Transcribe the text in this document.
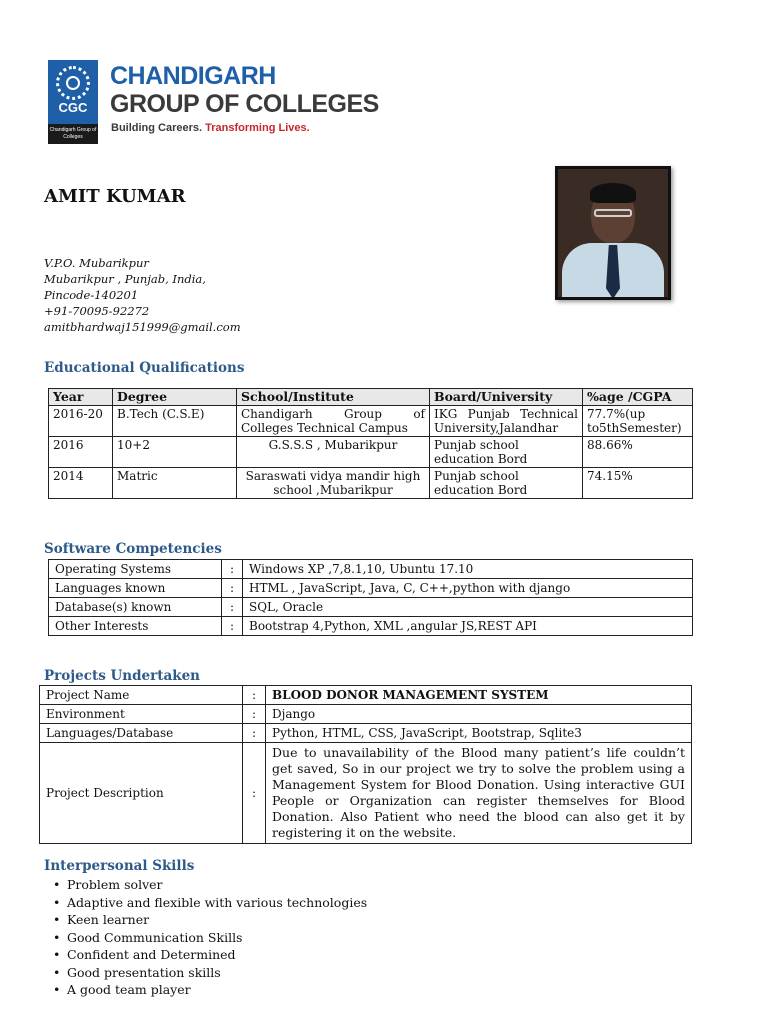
CGC
Chandigarh Group of Colleges
CHANDIGARH
GROUP OF COLLEGES
Building Careers. Transforming Lives.
AMIT KUMAR
V.P.O. Mubarikpur
Mubarikpur , Punjab, India,
Pincode-140201
+91-70095-92272
amitbhardwaj151999@gmail.com
Educational Qualifications
Year	Degree	School/Institute	Board/University	%age /CGPA
2016-20	B.Tech (C.S.E)	Chandigarh Group of Colleges Technical Campus	IKG Punjab Technical University,Jalandhar	77.7%(up to5thSemester)
2016	10+2	G.S.S.S , Mubarikpur	Punjab school education Bord	88.66%
2014	Matric	Saraswati vidya mandir high school ,Mubarikpur	Punjab school education Bord	74.15%
Software Competencies
Operating Systems	:	Windows XP ,7,8.1,10, Ubuntu 17.10
Languages known	:	HTML , JavaScript, Java, C, C++,python with django
Database(s) known	:	SQL, Oracle
Other Interests	:	Bootstrap 4,Python, XML ,angular JS,REST API
Projects Undertaken
Project Name	:	BLOOD DONOR MANAGEMENT SYSTEM
Environment	:	Django
Languages/Database	:	Python, HTML, CSS, JavaScript, Bootstrap, Sqlite3
Project Description	:	Due to unavailability of the Blood many patient’s life couldn’t get saved, So in our project we try to solve the problem using a Management System for Blood Donation. Using interactive GUI People or Organization can register themselves for Blood Donation. Also Patient who need the blood can also get it by registering it on the website.
Interpersonal Skills
• Problem solver
• Adaptive and flexible with various technologies
• Keen learner
• Good Communication Skills
• Confident and Determined
• Good presentation skills
• A good team player
